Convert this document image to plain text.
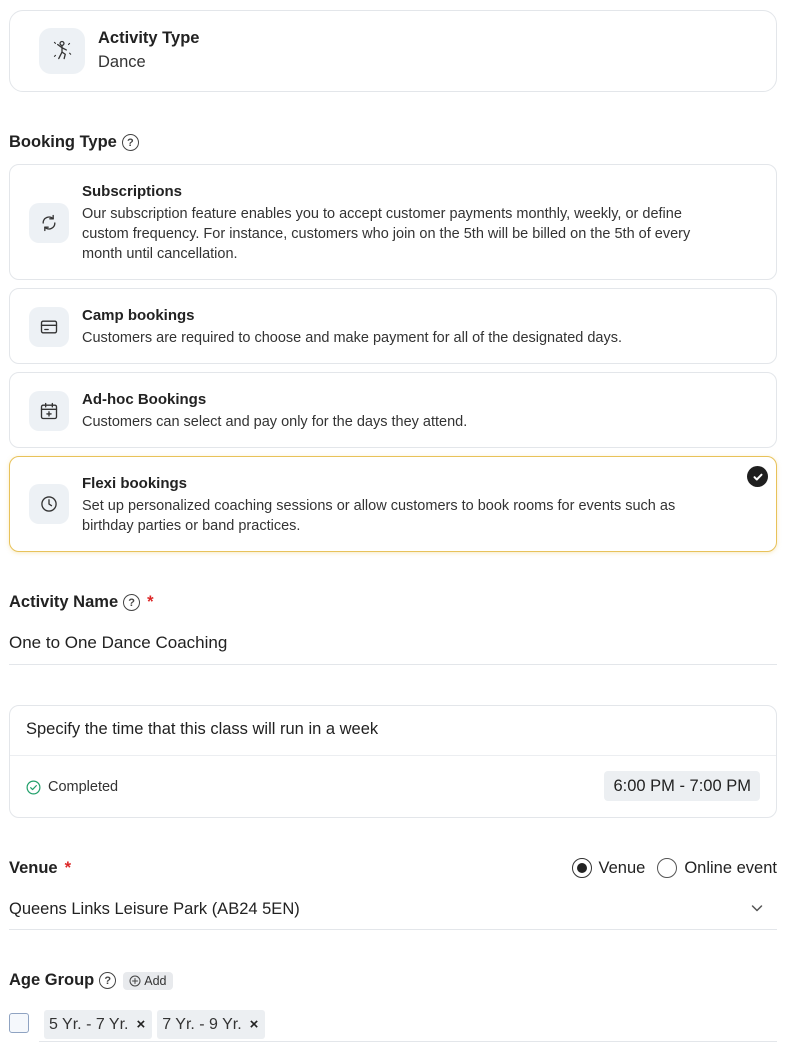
Activity Type
Dance
Booking Type ?
Subscriptions
Our subscription feature enables you to accept customer payments monthly, weekly, or define custom frequency. For instance, customers who join on the 5th will be billed on the 5th of every month until cancellation.
Camp bookings
Customers are required to choose and make payment for all of the designated days.
Ad-hoc Bookings
Customers can select and pay only for the days they attend.
Flexi bookings
Set up personalized coaching sessions or allow customers to book rooms for events such as birthday parties or band practices.
Activity Name ? *
One to One Dance Coaching
Specify the time that this class will run in a week
Completed	6:00 PM - 7:00 PM
Venue *	Venue Online event
Queens Links Leisure Park (AB24 5EN)
Age Group ?	Add
5 Yr. - 7 Yr. × 7 Yr. - 9 Yr. ×
